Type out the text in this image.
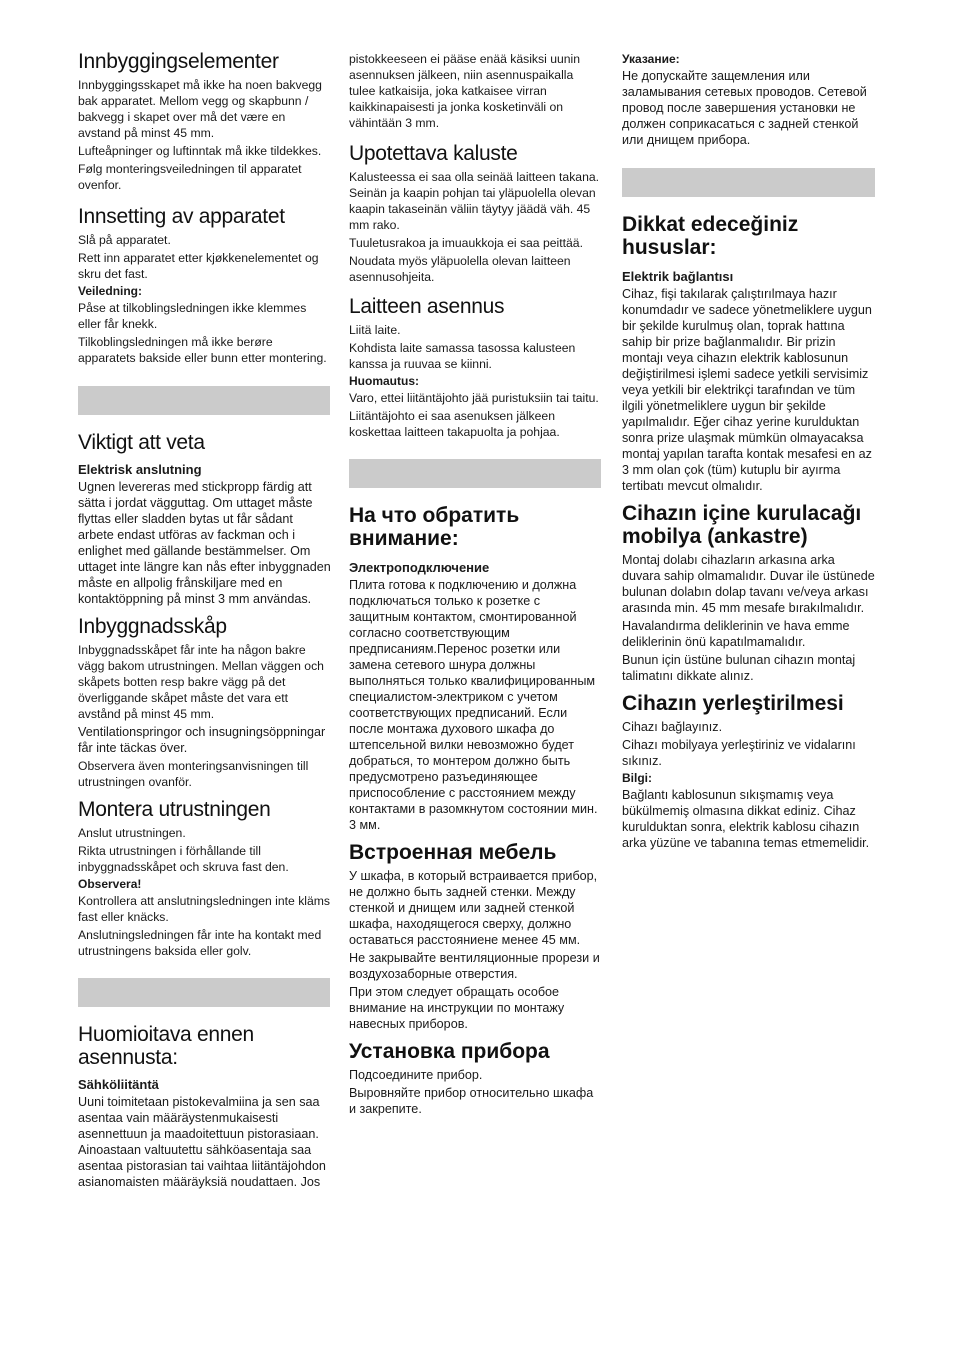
Innbyggingselementer

Innbyggingsskapet må ikke ha noen bakvegg bak apparatet. Mellom vegg og skapbunn / bakvegg i skapet over må det være en avstand på minst 45 mm.

Lufteåpninger og luftinntak må ikke tildekkes.

Følg monteringsveiledningen til apparatet ovenfor.

Innsetting av apparatet

Slå på apparatet.

Rett inn apparatet etter kjøkkenelementet og skru det fast.

Veiledning:

Påse at tilkoblingsledningen ikke klemmes eller får knekk.

Tilkoblingsledningen må ikke berøre apparatets bakside eller bunn etter montering.

Viktigt att veta
Elektrisk anslutning

Ugnen levereras med stickpropp färdig att sätta i jordat vägguttag. Om uttaget måste flyttas eller sladden bytas ut får sådant arbete endast utföras av fackman och i enlighet med gällande bestämmelser. Om uttaget inte längre kan nås efter inbyggnaden måste en allpolig frånskiljare med en kontaktöppning på minst 3 mm användas.

Inbyggnadsskåp

Inbyggnadsskåpet får inte ha någon bakre vägg bakom utrustningen. Mellan väggen och skåpets botten resp bakre vägg på det överliggande skåpet måste det vara ett avstånd på minst 45 mm.

Ventilationspringor och insugningsöppningar får inte täckas över.

Observera även monteringsanvisningen till utrustningen ovanför.

Montera utrustningen

Anslut utrustningen.

Rikta utrustningen i förhållande till inbyggnadsskåpet och skruva fast den.

Observera!

Kontrollera att anslutningsledningen inte kläms fast eller knäcks.

Anslutningsledningen får inte ha kontakt med utrustningens baksida eller golv.

Huomioitava ennen asennusta:
Sähköliitäntä

Uuni toimitetaan pistokevalmiina ja sen saa asentaa vain määräystenmukaisesti asennettuun ja maadoitettuun pistorasiaan. Ainoastaan valtuutettu sähköasentaja saa asentaa pistorasian tai vaihtaa liitäntäjohdon asianomaisten määräyksiä noudattaen. Jos

pistokkeeseen ei pääse enää käsiksi uunin asennuksen jälkeen, niin asennuspaikalla tulee katkaisija, joka katkaisee virran kaikkinapaisesti ja jonka kosketinväli on vähintään 3 mm.

Upotettava kaluste

Kalusteessa ei saa olla seinää laitteen takana. Seinän ja kaapin pohjan tai yläpuolella olevan kaapin takaseinän väliin täytyy jäädä väh. 45 mm rako.

Tuuletusrakoa ja imuaukkoja ei saa peittää.

Noudata myös yläpuolella olevan laitteen asennusohjeita.

Laitteen asennus

Liitä laite.

Kohdista laite samassa tasossa kalusteen kanssa ja ruuvaa se kiinni.

Huomautus:

Varo, ettei liitäntäjohto jää puristuksiin tai taitu.

Liitäntäjohto ei saa asenuksen jälkeen koskettaa laitteen takapuolta ja pohjaa.

На что обратить внимание:
Электроподключение

Плита готова к подключению и должна подключаться только к розетке с защитным контактом, смонтированной согласно соответствующим предписаниям.Перенос розетки или замена сетевого шнура должны выполняться только квалифицированным специалистом-электриком с учетом соответствующих предписаний. Если после монтажа духового шкафа до штепсельной вилки невозможно будет добраться, то монтером должно быть предусмотрено разъединяющее приспособление с расстоянием между контактами в разомкнутом состоянии мин. 3 мм.

Встроенная мебель

У шкафа, в который встраивается прибор, не должно быть задней стенки. Между стенкой и днищем или задней стенкой шкафа, находящегося сверху, должно оставаться расстояниене менее 45 мм.

Не закрывайте вентиляционные прорези и воздухозаборные отверстия.

При этом следует обращать особое внимание на инструкции по монтажу навесных приборов.

Установка прибора

Подсоедините прибор.

Выровняйте прибор относительно шкафа и закрепите.

Указание:

Не допускайте защемления или заламывания сетевых проводов. Сетевой провод после завершения установки не должен соприкасаться с задней стенкой или днищем прибора.

Dikkat edeceğiniz hususlar:
Elektrik bağlantısı

Cihaz, fişi takılarak çalıştırılmaya hazır konumdadır ve sadece yönetmeliklere uygun bir şekilde kurulmuş olan, toprak hattına sahip bir prize bağlanmalıdır. Bir prizin montajı veya cihazın elektrik kablosunun değiştirilmesi işlemi sadece yetkili servisimiz veya yetkili bir elektrikçi tarafından ve tüm ilgili yönetmeliklere uygun bir şekilde yapılmalıdır. Eğer cihaz yerine kurulduktan sonra prize ulaşmak mümkün olmayacaksa montaj yapılan tarafta kontak mesafesi en az 3 mm olan çok (tüm) kutuplu bir ayırma tertibatı mevcut olmalıdır.

Cihazın içine kurulacağı mobilya (ankastre)

Montaj dolabı cihazların arkasına arka duvara sahip olmamalıdır. Duvar ile üstünede bulunan dolabın dolap tavanı ve/veya arkası arasında min. 45 mm mesafe bırakılmalıdır.

Havalandırma deliklerinin ve hava emme deliklerinin önü kapatılmamalıdır.

Bunun için üstüne bulunan cihazın montaj talimatını dikkate alınız.

Cihazın yerleştirilmesi

Cihazı bağlayınız.

Cihazı mobilyaya yerleştiriniz ve vidalarını sıkınız.

Bilgi:

Bağlantı kablosunun sıkışmamış veya bükülmemiş olmasına dikkat ediniz. Cihaz kurulduktan sonra, elektrik kablosu cihazın arka yüzüne ve tabanına temas etmemelidir.
